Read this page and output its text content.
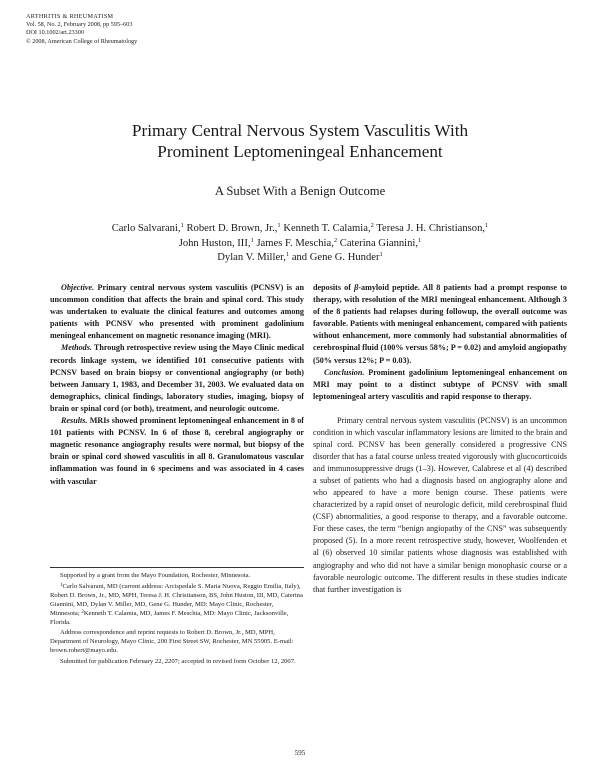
ARTHRITIS & RHEUMATISM
Vol. 58, No. 2, February 2008, pp 595–603
DOI 10.1002/art.23300
© 2008, American College of Rheumatology
Primary Central Nervous System Vasculitis With
Prominent Leptomeningeal Enhancement
A Subset With a Benign Outcome
Carlo Salvarani,$^1$ Robert D. Brown, Jr.,$^1$ Kenneth T. Calamia,$^2$ Teresa J. H. Christianson,$^1$
John Huston, III,$^1$ James F. Meschia,$^2$ Caterina Giannini,$^1$
Dylan V. Miller,$^1$ and Gene G. Hunder$^1$

Objective. Primary central nervous system vasculitis (PCNSV) is an uncommon condition that affects the brain and spinal cord. This study was undertaken to evaluate the clinical features and outcomes among patients with PCNSV who presented with prominent gadolinium meningeal enhancement on magnetic resonance imaging (MRI).

Methods. Through retrospective review using the Mayo Clinic medical records linkage system, we identified 101 consecutive patients with PCNSV based on brain biopsy or conventional angiography (or both) between January 1, 1983, and December 31, 2003. We evaluated data on demographics, clinical findings, laboratory studies, imaging, biopsy of brain or spinal cord (or both), treatment, and neurologic outcome.

Results. MRIs showed prominent leptomeningeal enhancement in 8 of 101 patients with PCNSV. In 6 of those 8, cerebral angiography or magnetic resonance angiography results were normal, but biopsy of the brain or spinal cord showed vasculitis in all 8. Granulomatous vascular inflammation was found in 6 specimens and was associated in 4 cases with vascular

deposits of β-amyloid peptide. All 8 patients had a prompt response to therapy, with resolution of the MRI meningeal enhancement. Although 3 of the 8 patients had relapses during followup, the overall outcome was favorable. Patients with meningeal enhancement, compared with patients without enhancement, more commonly had substantial abnormalities of cerebrospinal fluid (100% versus 58%; P = 0.02) and amyloid angiopathy (50% versus 12%; P = 0.03).

Conclusion. Prominent gadolinium leptomeningeal enhancement on MRI may point to a distinct subtype of PCNSV with small leptomeningeal artery vasculitis and rapid response to therapy.

Primary central nervous system vasculitis (PCNSV) is an uncommon condition in which vascular inflammatory lesions are limited to the brain and spinal cord. PCNSV has been generally considered a progressive CNS disorder that has a fatal course unless treated vigorously with glucocorticoids and immunosuppressive drugs (1–3). However, Calabrese et al (4) described a subset of patients who had a diagnosis based on angiography alone and who appeared to have a more benign course. These patients were characterized by a rapid onset of neurologic deficit, mild cerebrospinal fluid (CSF) abnormalities, a good response to therapy, and a favorable outcome. For these cases, the term “benign angiopathy of the CNS” was subsequently proposed (5). In a more recent retrospective study, however, Woolfenden et al (6) observed 10 similar patients whose diagnosis was established with angiography and who did not have a similar benign monophasic course or a favorable neurologic outcome. The different results in these studies indicate that further investigation is

Supported by a grant from the Mayo Foundation, Rochester, Minnesota.

$^1$Carlo Salvarani, MD (current address: Arcispedale S. Maria Nuova, Reggio Emilia, Italy), Robert D. Brown, Jr., MD, MPH, Teresa J. H. Christianson, BS, John Huston, III, MD, Caterina Giannini, MD, Dylan V. Miller, MD, Gene G. Hunder, MD: Mayo Clinic, Rochester, Minnesota; $^2$Kenneth T. Calamia, MD, James F. Meschia, MD: Mayo Clinic, Jacksonville, Florida.

Address correspondence and reprint requests to Robert D. Brown, Jr., MD, MPH, Department of Neurology, Mayo Clinic, 200 First Street SW, Rochester, MN 55905. E-mail: brown.robert@mayo.edu.

Submitted for publication February 22, 2207; accepted in revised form October 12, 2007.

595
